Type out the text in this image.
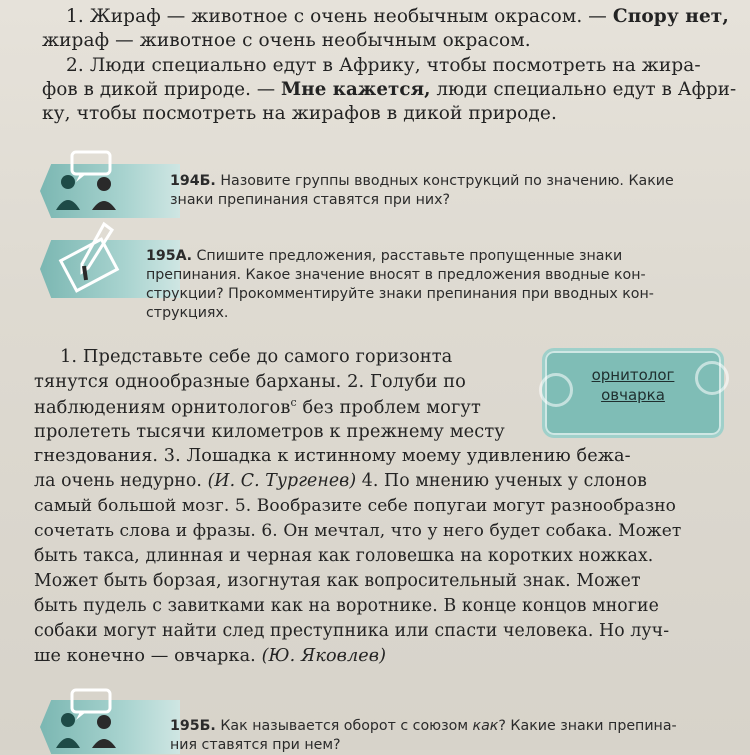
1. Жираф — животное с очень необычным окрасом. — Спору нет,
жираф — животное с очень необычным окрасом.
2. Люди специально едут в Африку, чтобы посмотреть на жира-
фов в дикой природе. — Мне кажется, люди специально едут в Афри-
ку, чтобы посмотреть на жирафов в дикой природе.
194Б. Назовите группы вводных конструкций по значению. Какие
знаки препинания ставятся при них?
195А. Спишите предложения, расставьте пропущенные знаки
препинания. Какое значение вносят в предложения вводные кон-
струкции? Прокомментируйте знаки препинания при вводных кон-
струкциях.
орнитолог
овчарка
1. Представьте себе до самого горизонта
тянутся однообразные барханы. 2. Голуби по
наблюдениям орнитологов$^с$ без проблем могут
пролететь тысячи километров к прежнему месту
гнездования. 3. Лошадка к истинному моему удивлению бежа-
ла очень недурно. (И. С. Тургенев) 4. По мнению ученых у слонов
самый большой мозг. 5. Вообразите себе попугаи могут разнообразно
сочетать слова и фразы. 6. Он мечтал, что у него будет собака. Может
быть такса, длинная и черная как головешка на коротких ножках.
Может быть борзая, изогнутая как вопросительный знак. Может
быть пудель с завитками как на воротнике. В конце концов многие
собаки могут найти след преступника или спасти человека. Но луч-
ше конечно — овчарка. (Ю. Яковлев)
195Б. Как называется оборот с союзом как? Какие знаки препина-
ния ставятся при нем?
